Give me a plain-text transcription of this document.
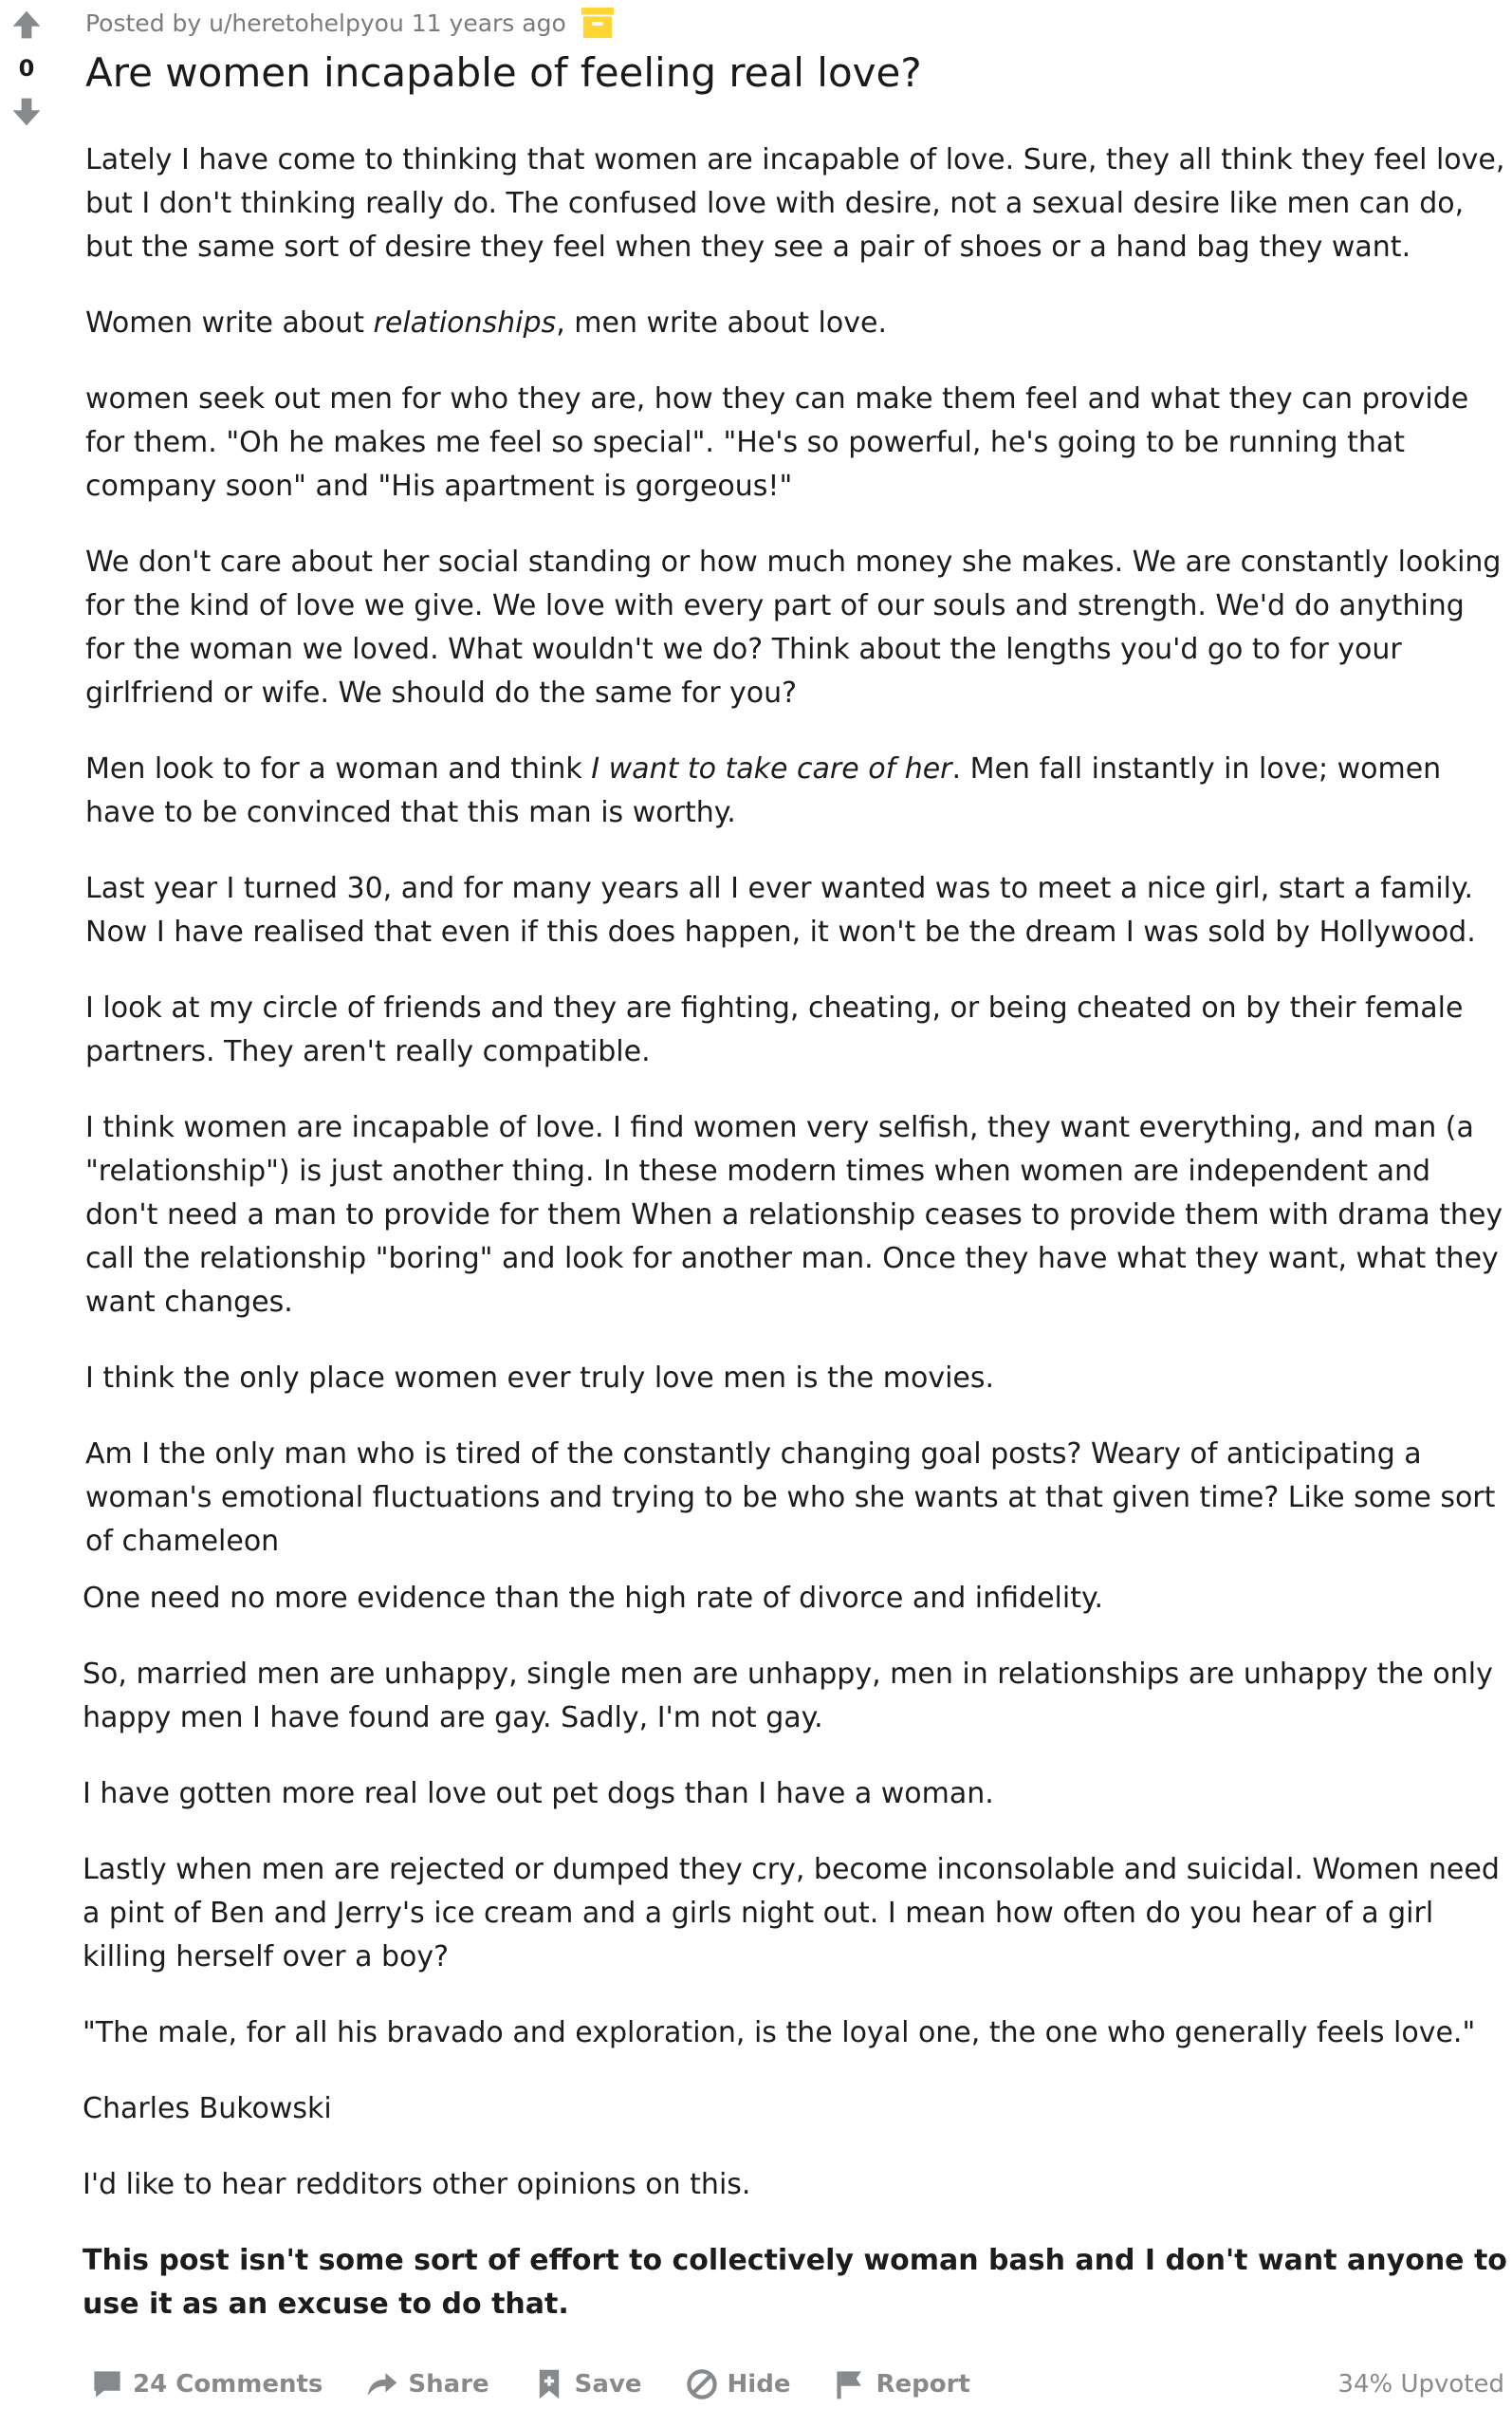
0
Posted by
u/heretohelpyou
11 years ago
Are women incapable of feeling real love?

Lately I have come to thinking that women are incapable of love. Sure, they all think they feel love, but I don't thinking really do. The confused love with desire, not a sexual desire like men can do, but the same sort of desire they feel when they see a pair of shoes or a hand bag they want.

Women write about relationships, men write about love.

women seek out men for who they are, how they can make them feel and what they can provide for them. "Oh he makes me feel so special". "He's so powerful, he's going to be running that company soon" and "His apartment is gorgeous!"

We don't care about her social standing or how much money she makes. We are constantly looking for the kind of love we give. We love with every part of our souls and strength. We'd do anything for the woman we loved. What wouldn't we do? Think about the lengths you'd go to for your girlfriend or wife. We should do the same for you?

Men look to for a woman and think I want to take care of her. Men fall instantly in love; women have to be convinced that this man is worthy.

Last year I turned 30, and for many years all I ever wanted was to meet a nice girl, start a family. Now I have realised that even if this does happen, it won't be the dream I was sold by Hollywood.

I look at my circle of friends and they are fighting, cheating, or being cheated on by their female partners. They aren't really compatible.

I think women are incapable of love. I find women very selfish, they want everything, and man (a "relationship") is just another thing. In these modern times when women are independent and don't need a man to provide for them When a relationship ceases to provide them with drama they call the relationship "boring" and look for another man. Once they have what they want, what they want changes.

I think the only place women ever truly love men is the movies.

Am I the only man who is tired of the constantly changing goal posts? Weary of anticipating a woman's emotional fluctuations and trying to be who she wants at that given time? Like some sort of chameleon

One need no more evidence than the high rate of divorce and infidelity.

So, married men are unhappy, single men are unhappy, men in relationships are unhappy the only happy men I have found are gay. Sadly, I'm not gay.

I have gotten more real love out pet dogs than I have a woman.

Lastly when men are rejected or dumped they cry, become inconsolable and suicidal. Women need a pint of Ben and Jerry's ice cream and a girls night out. I mean how often do you hear of a girl killing herself over a boy?

"The male, for all his bravado and exploration, is the loyal one, the one who generally feels love."

Charles Bukowski

I'd like to hear redditors other opinions on this.

This post isn't some sort of effort to collectively woman bash and I don't want anyone to use it as an excuse to do that.

24 Comments	Share	Save	Hide	Report	34% Upvoted
